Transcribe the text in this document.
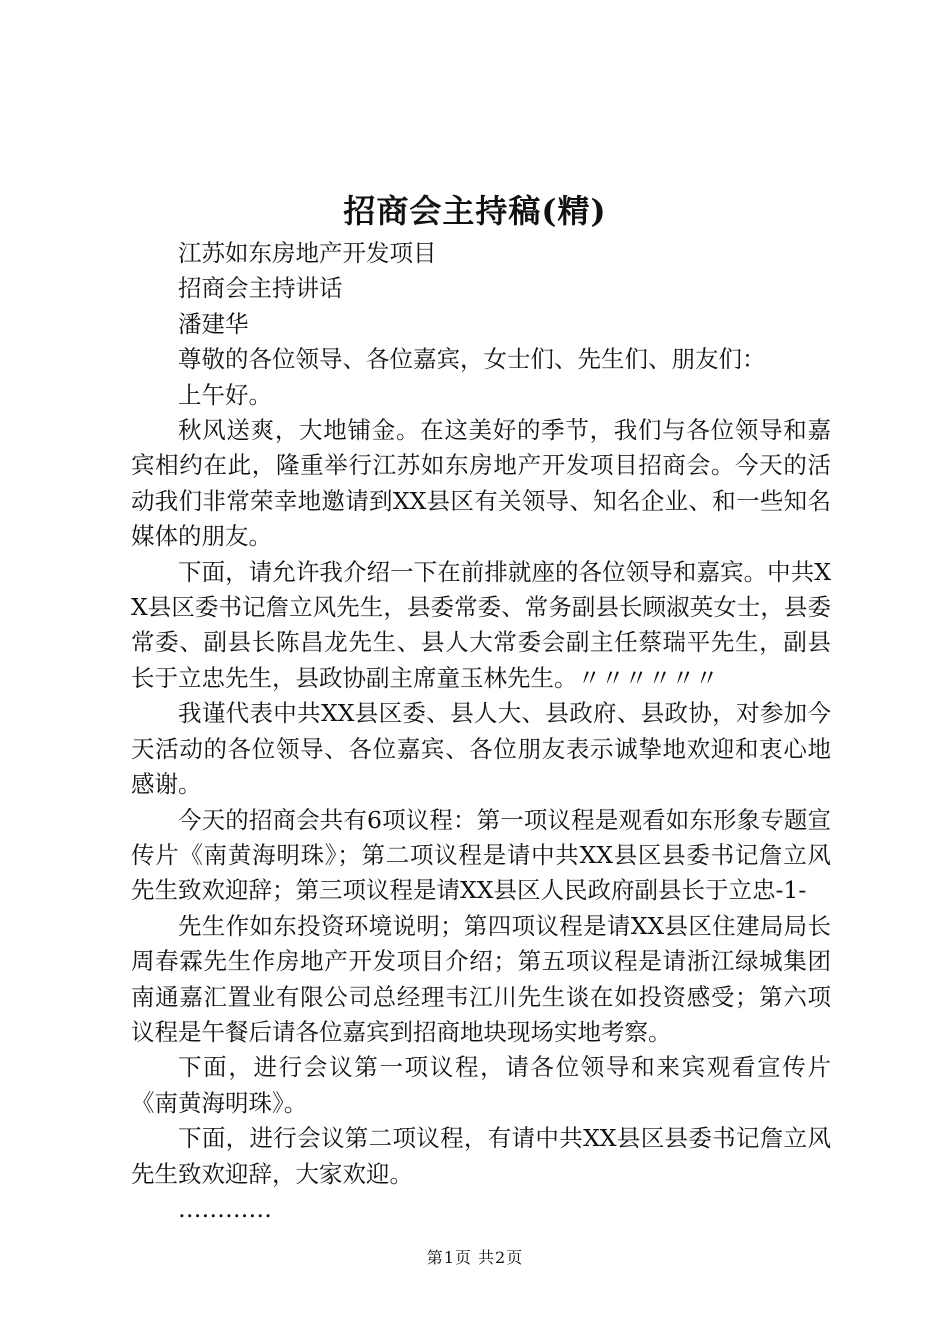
招商会主持稿(精)

江苏如东房地产开发项目

招商会主持讲话

潘建华

尊敬的各位领导、各位嘉宾，女士们、先生们、朋友们：

上午好。

秋风送爽，大地铺金。在这美好的季节，我们与各位领导和嘉宾相约在此，隆重举行江苏如东房地产开发项目招商会。今天的活动我们非常荣幸地邀请到XX县区有关领导、知名企业、和一些知名媒体的朋友。

下面，请允许我介绍一下在前排就座的各位领导和嘉宾。中共XX县区委书记詹立风先生，县委常委、常务副县长顾淑英女士，县委常委、副县长陈昌龙先生、县人大常委会副主任蔡瑞平先生，副县长于立忠先生，县政协副主席童玉林先生。〃〃〃〃〃〃

我谨代表中共XX县区委、县人大、县政府、县政协，对参加今天活动的各位领导、各位嘉宾、各位朋友表示诚挚地欢迎和衷心地感谢。

今天的招商会共有6项议程：第一项议程是观看如东形象专题宣传片《南黄海明珠》；第二项议程是请中共XX县区县委书记詹立风先生致欢迎辞；第三项议程是请XX县区人民政府副县长于立忠-1-

先生作如东投资环境说明；第四项议程是请XX县区住建局局长周春霖先生作房地产开发项目介绍；第五项议程是请浙江绿城集团南通嘉汇置业有限公司总经理韦江川先生谈在如投资感受；第六项议程是午餐后请各位嘉宾到招商地块现场实地考察。

下面，进行会议第一项议程，请各位领导和来宾观看宣传片《南黄海明珠》。

下面，进行会议第二项议程，有请中共XX县区县委书记詹立风先生致欢迎辞，大家欢迎。

…………

第1页 共2页
